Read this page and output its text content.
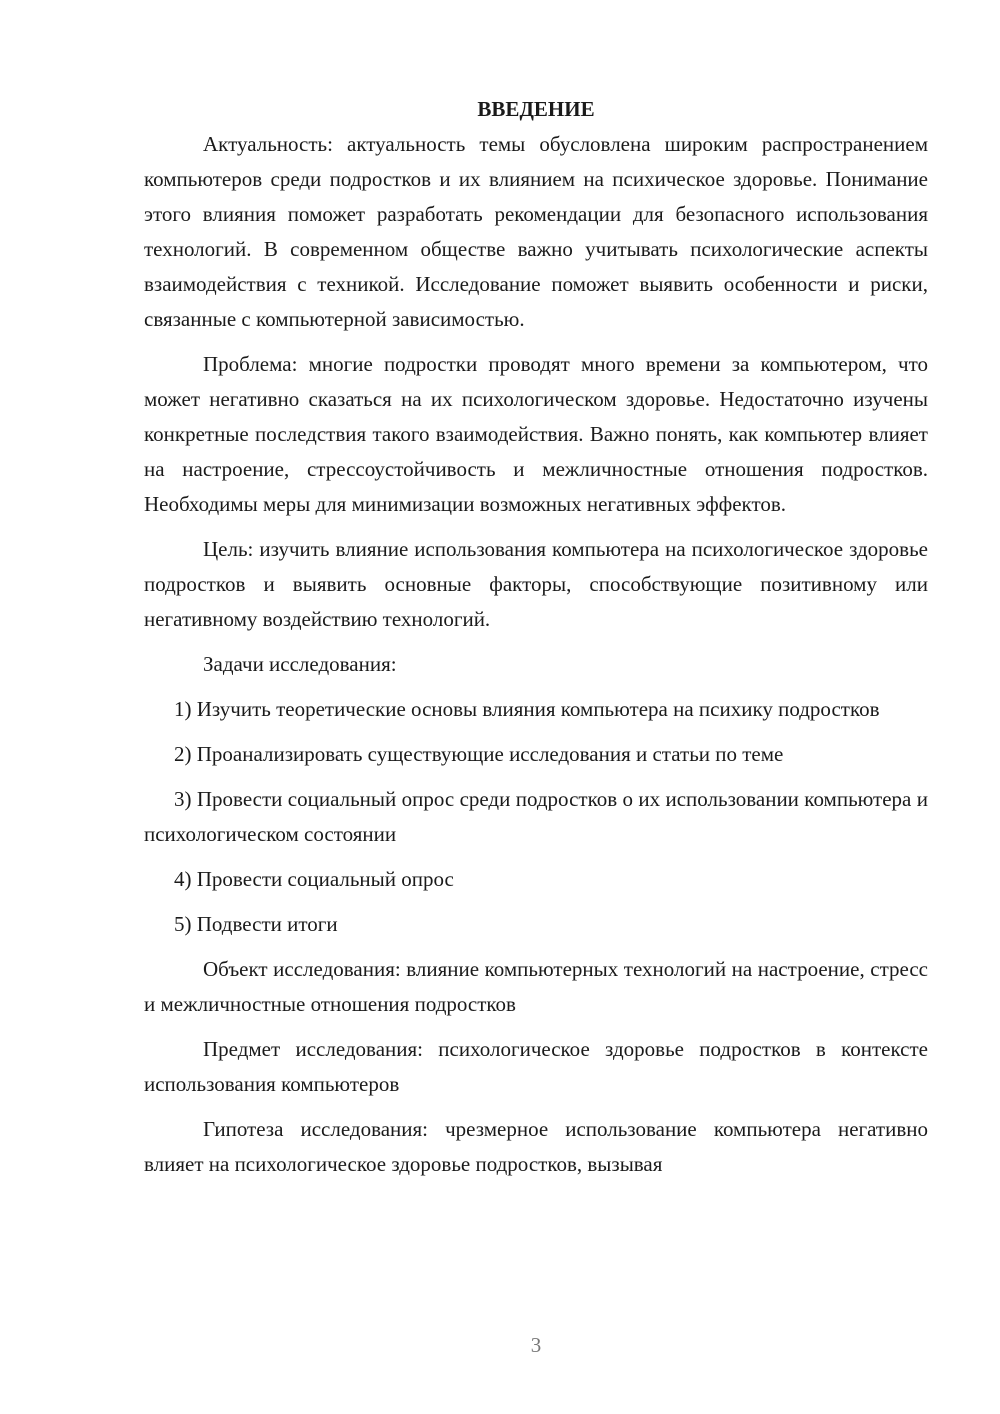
ВВЕДЕНИЕ

Актуальность: актуальность темы обусловлена широким распространением компьютеров среди подростков и их влиянием на психическое здоровье. Понимание этого влияния поможет разработать рекомендации для безопасного использования технологий. В современном обществе важно учитывать психологические аспекты взаимодействия с техникой. Исследование поможет выявить особенности и риски, связанные с компьютерной зависимостью.

Проблема: многие подростки проводят много времени за компьютером, что может негативно сказаться на их психологическом здоровье. Недостаточно изучены конкретные последствия такого взаимодействия. Важно понять, как компьютер влияет на настроение, стрессоустойчивость и межличностные отношения подростков. Необходимы меры для минимизации возможных негативных эффектов.

Цель: изучить влияние использования компьютера на психологическое здоровье подростков и выявить основные факторы, способствующие позитивному или негативному воздействию технологий.

Задачи исследования:

1) Изучить теоретические основы влияния компьютера на психику подростков

2) Проанализировать существующие исследования и статьи по теме

3) Провести социальный опрос среди подростков о их использовании компьютера и психологическом состоянии

4) Провести социальный опрос

5) Подвести итоги

Объект исследования: влияние компьютерных технологий на настроение, стресс и межличностные отношения подростков

Предмет исследования: психологическое здоровье подростков в контексте использования компьютеров

Гипотеза исследования: чрезмерное использование компьютера негативно влияет на психологическое здоровье подростков, вызывая

3
